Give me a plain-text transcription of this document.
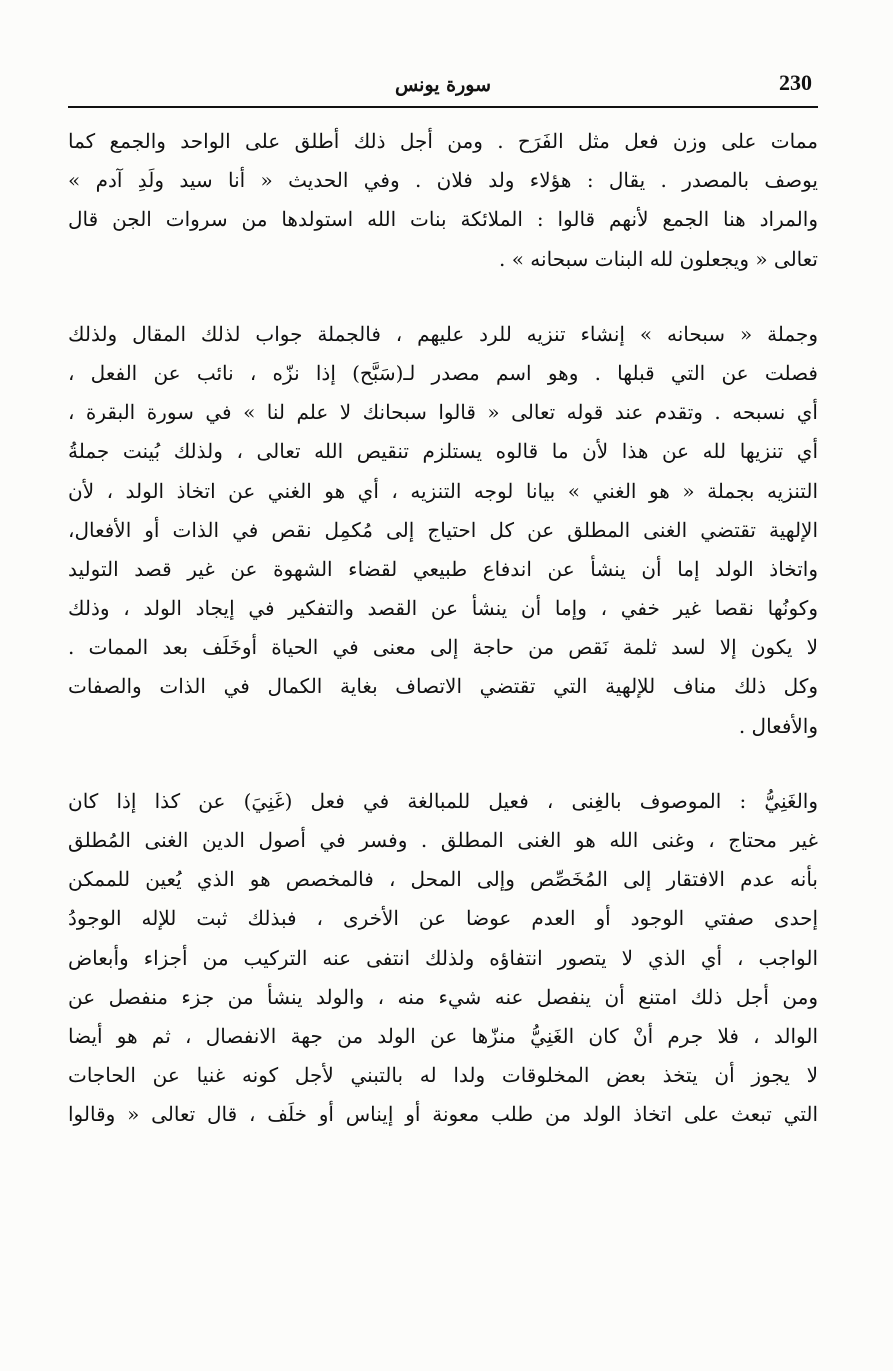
230
سورة يونس
ممات على وزن فعل مثل الفَرَح . ومن أجل ذلك أطلق على الواحد والجمع كما
يوصف بالمصدر . يقال : هؤلاء ولد فلان . وفي الحديث « أنا سيد ولَدِ آدم »
والمراد هنا الجمع لأنهم قالوا : الملائكة بنات الله استولدها من سروات الجن قال
تعالى « ويجعلون لله البنات سبحانه » .
وجملة « سبحانه » إنشاء تنزيه للرد عليهم ، فالجملة جواب لذلك المقال ولذلك
فصلت عن التي قبلها . وهو اسم مصدر لـ(سَبَّح) إذا نزّه ، نائب عن الفعل ،
أي نسبحه . وتقدم عند قوله تعالى « قالوا سبحانك لا علم لنا » في سورة البقرة ،
أي تنزيها لله عن هذا لأن ما قالوه يستلزم تنقيص الله تعالى ، ولذلك بُينت جملةُ
التنزيه بجملة « هو الغني » بيانا لوجه التنزيه ، أي هو الغني عن اتخاذ الولد ، لأن
الإلهية تقتضي الغنى المطلق عن كل احتياج إلى مُكمِل نقص في الذات أو الأفعال،
واتخاذ الولد إما أن ينشأ عن اندفاع طبيعي لقضاء الشهوة عن غير قصد التوليد
وكونُها نقصا غير خفي ، وإما أن ينشأ عن القصد والتفكير في إيجاد الولد ، وذلك
لا يكون إلا لسد ثلمة نَقص من حاجة إلى معنى في الحياة أوخَلَف بعد الممات .
وكل ذلك مناف للإلهية التي تقتضي الاتصاف بغاية الكمال في الذات والصفات
والأفعال .
والغَنِيُّ : الموصوف بالغِنى ، فعيل للمبالغة في فعل (غَنِيَ) عن كذا إذا كان
غير محتاج ، وغنى الله هو الغنى المطلق . وفسر في أصول الدين الغنى المُطلق
بأنه عدم الافتقار إلى المُخَصِّص وإلى المحل ، فالمخصص هو الذي يُعين للممكن
إحدى صفتي الوجود أو العدم عوضا عن الأخرى ، فبذلك ثبت للإله الوجودُ
الواجب ، أي الذي لا يتصور انتفاؤه ولذلك انتفى عنه التركيب من أجزاء وأبعاض
ومن أجل ذلك امتنع أن ينفصل عنه شيء منه ، والولد ينشأ من جزء منفصل عن
الوالد ، فلا جرم أنْ كان الغَنِيُّ منزّها عن الولد من جهة الانفصال ، ثم هو أيضا
لا يجوز أن يتخذ بعض المخلوقات ولدا له بالتبني لأجل كونه غنيا عن الحاجات
التي تبعث على اتخاذ الولد من طلب معونة أو إيناس أو خلَف ، قال تعالى « وقالوا
